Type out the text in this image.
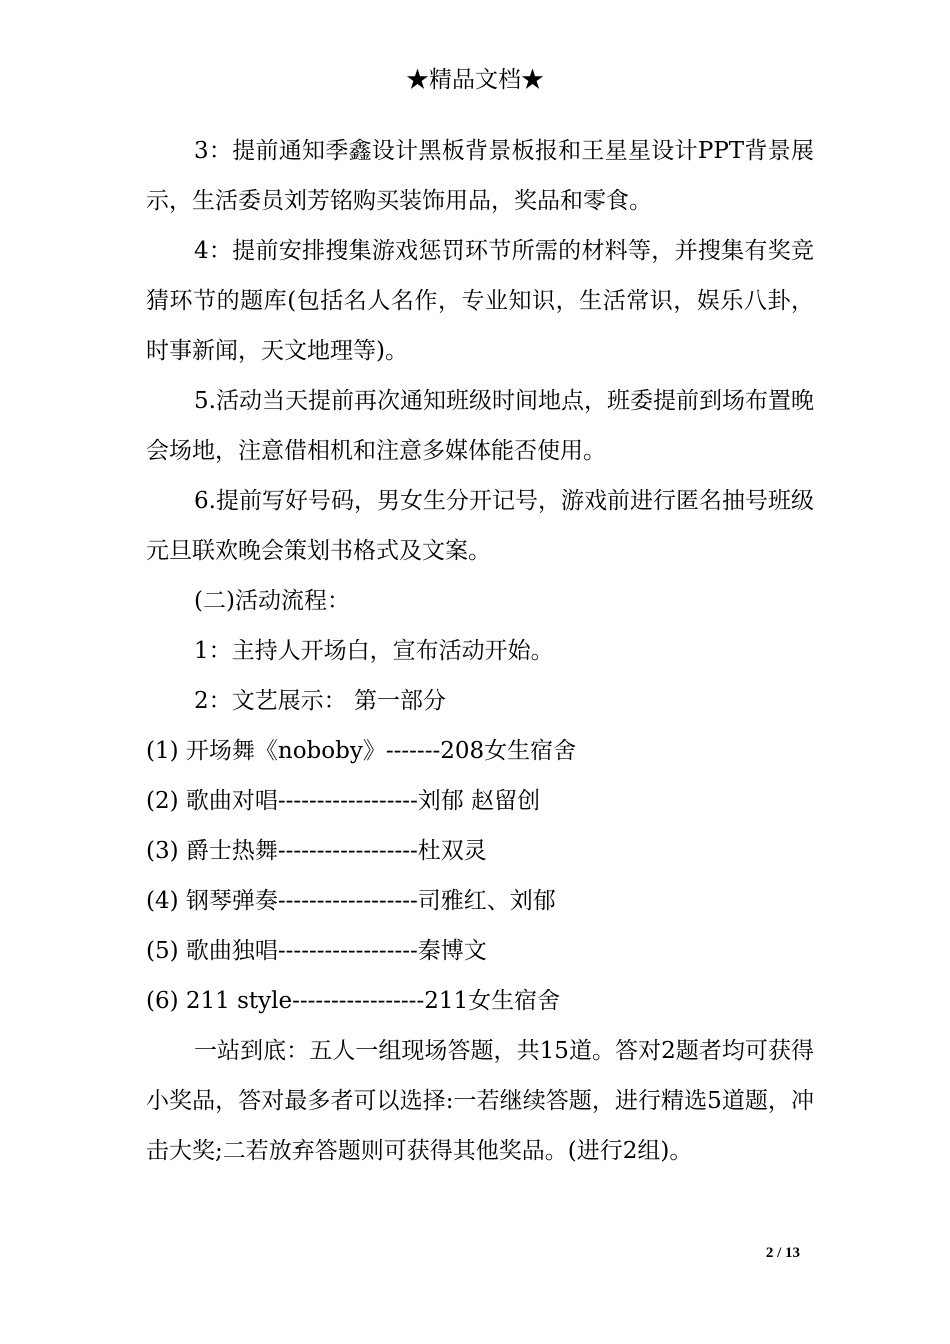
★精品文档★

3：提前通知季鑫设计黑板背景板报和王星星设计PPT背景展示，生活委员刘芳铭购买装饰用品，奖品和零食。

4：提前安排搜集游戏惩罚环节所需的材料等，并搜集有奖竞猜环节的题库(包括名人名作，专业知识，生活常识，娱乐八卦，时事新闻，天文地理等)。

5.活动当天提前再次通知班级时间地点，班委提前到场布置晚会场地，注意借相机和注意多媒体能否使用。

6.提前写好号码，男女生分开记号，游戏前进行匿名抽号班级元旦联欢晚会策划书格式及文案。

(二)活动流程：

1：主持人开场白，宣布活动开始。

2：文艺展示： 第一部分

(1) 开场舞《noboby》-------208女生宿舍

(2) 歌曲对唱------------------刘郁 赵留创

(3) 爵士热舞------------------杜双灵

(4) 钢琴弹奏------------------司雅红、刘郁

(5) 歌曲独唱------------------秦博文

(6) 211 style-----------------211女生宿舍

一站到底：五人一组现场答题，共15道。答对2题者均可获得小奖品，答对最多者可以选择:一若继续答题，进行精选5道题，冲击大奖;二若放弃答题则可获得其他奖品。(进行2组)。

2 / 13
